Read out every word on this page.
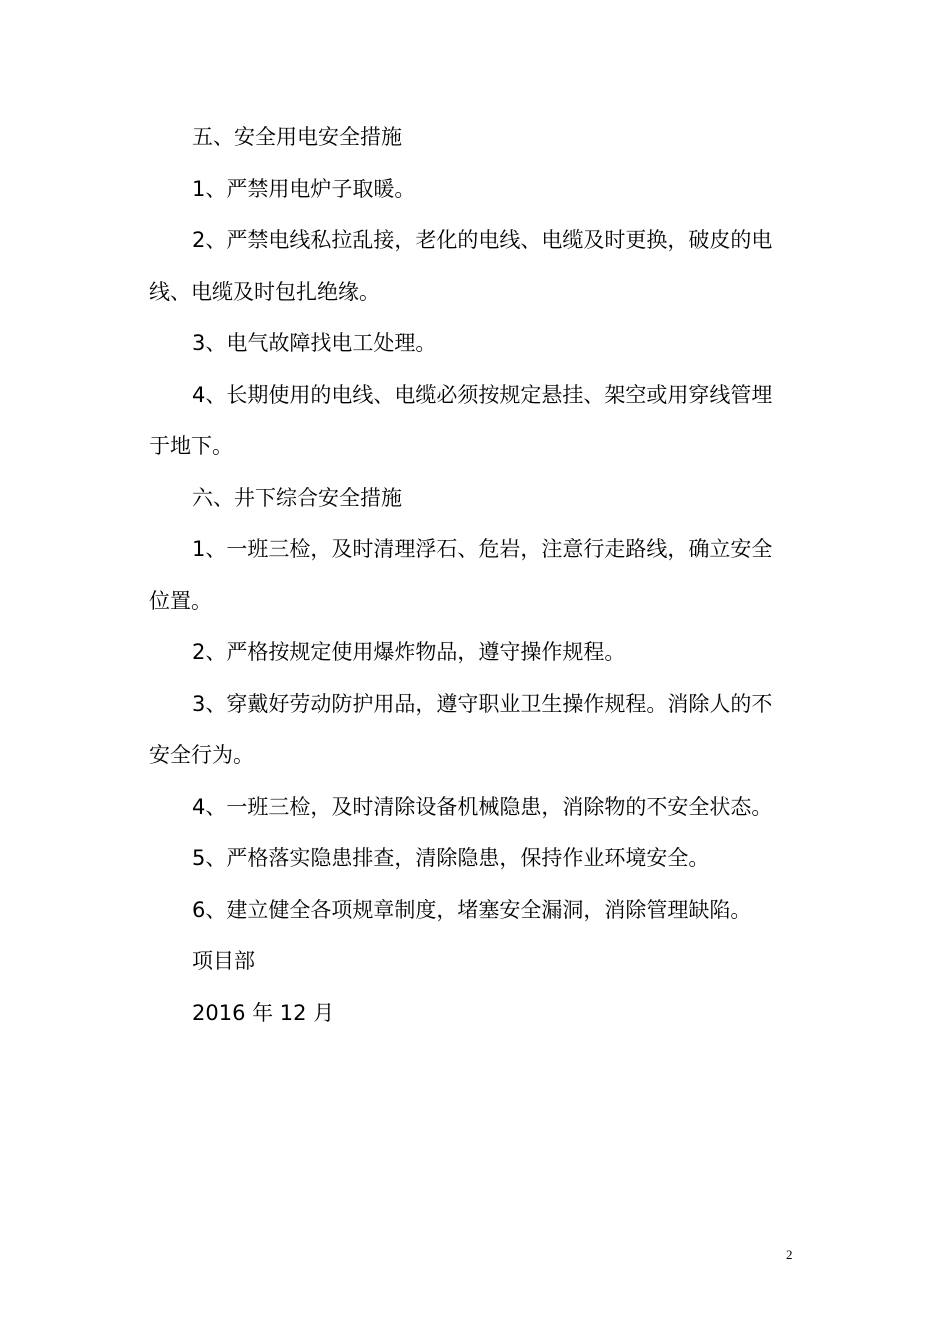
五、安全用电安全措施

1、严禁用电炉子取暖。

2、严禁电线私拉乱接，老化的电线、电缆及时更换，破皮的电线、电缆及时包扎绝缘。

3、电气故障找电工处理。

4、长期使用的电线、电缆必须按规定悬挂、架空或用穿线管埋于地下。

六、井下综合安全措施

1、一班三检，及时清理浮石、危岩，注意行走路线，确立安全位置。

2、严格按规定使用爆炸物品，遵守操作规程。

3、穿戴好劳动防护用品，遵守职业卫生操作规程。消除人的不安全行为。

4、一班三检，及时清除设备机械隐患，消除物的不安全状态。

5、严格落实隐患排查，清除隐患，保持作业环境安全。

6、建立健全各项规章制度，堵塞安全漏洞，消除管理缺陷。

项目部

2016 年 12 月

2
